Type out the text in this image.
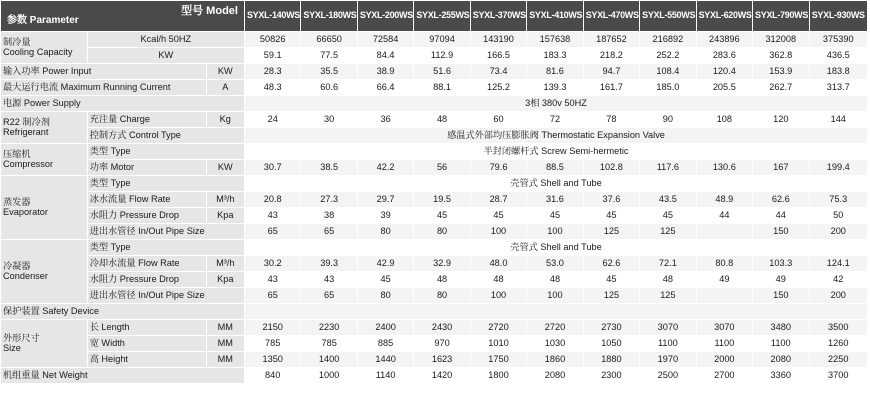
参数 Parameter
型号 Model			SYXL-140WS	SYXL-180WS	SYXL-200WS	SYXL-255WS	SYXL-370WS	SYXL-410WS	SYXL-470WS	SYXL-550WS	SYXL-620WS	SYXL-790WS	SYXL-930WS
制冷量
Cooling Capacity	Kcal/h 50HZ		50826	66650	72584	97094	143190	157638	187652	216892	243896	312008	375390
	KW		59.1	77.5	84.4	112.9	166.5	183.3	218.2	252.2	283.6	362.8	436.5
输入功率 Power Input		KW	28.3	35.5	38.9	51.6	73.4	81.6	94.7	108.4	120.4	153.9	183.8
最大运行电流 Maximum Running Current		A	48.3	60.6	66.4	88.1	125.2	139.3	161.7	185.0	205.5	262.7	313.7
电源 Power Supply			3相 380v 50HZ										
R22 制冷剂
Refrigerant	充注量 Charge	Kg	24	30	36	48	60	72	78	90	108	120	144
	控制方式 Control Type		感温式外部均压膨胀阀 Thermostatic Expansion Valve										
压缩机
Compressor	类型 Type		半封闭螺杆式 Screw Semi-hermetic										
	功率 Motor	KW	30.7	38.5	42.2	56	79.6	88.5	102.8	117.6	130.6	167	199.4
蒸发器
Evaporator	类型 Type		壳管式 Shell and Tube										
	冰水流量 Flow Rate	M³/h	20.8	27.3	29.7	19.5	28.7	31.6	37.6	43.5	48.9	62.6	75.3
	水阻力 Pressure Drop	Kpa	43	38	39	45	45	45	45	45	44	44	50
	进出水管径 In/Out Pipe Size		65	65	80	80	100	100	125	125		150	200
冷凝器
Condenser	类型 Type		壳管式 Shell and Tube										
	冷却水流量 Flow Rate	M³/h	30.2	39.3	42.9	32.9	48.0	53.0	62.6	72.1	80.8	103.3	124.1
	水阻力 Pressure Drop	Kpa	43	43	45	48	48	48	45	48	49	49	42
	进出水管径 In/Out Pipe Size		65	65	80	80	100	100	125	125		150	200
保护装置 Safety Device													
外形尺寸
Size	长 Length	MM	2150	2230	2400	2430	2720	2720	2730	3070	3070	3480	3500
	宽 Width	MM	785	785	885	970	1010	1030	1050	1100	1100	1100	1260
	高 Height	MM	1350	1400	1440	1623	1750	1860	1880	1970	2000	2080	2250
机组重量 Net Weight			840	1000	1140	1420	1800	2080	2300	2500	2700	3360	3700
